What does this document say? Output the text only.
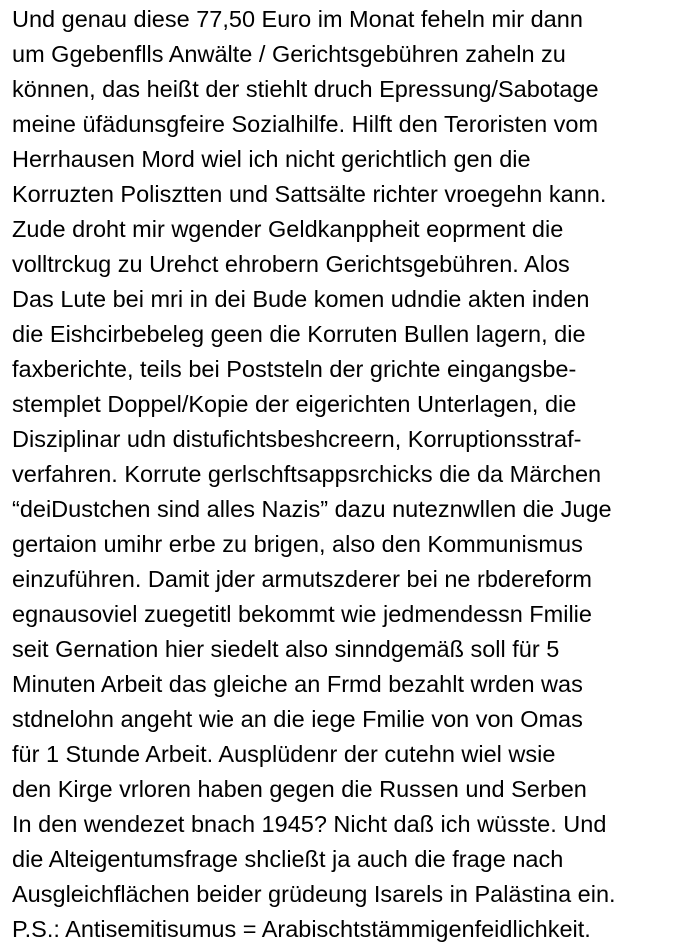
Und genau diese 77,50 Euro im Monat feheln mir dann
um Ggebenflls Anwälte / Gerichtsgebühren zaheln zu
können, das heißt der stiehlt druch Epressung/Sabotage
meine üfädunsgfeire Sozialhilfe. Hilft den Teroristen vom
Herrhausen Mord wiel ich nicht gerichtlich gen die
Korruzten Polisztten und Sattsälte richter vroegehn kann.
Zude droht mir wgender Geldkanppheit eoprment die
volltrckug zu Urehct ehrobern Gerichtsgebühren. Alos
Das Lute bei mri in dei Bude komen udndie akten inden
die Eishcirbebeleg geen die Korruten Bullen lagern, die
faxberichte, teils bei Poststeln der grichte eingangsbe-
stemplet Doppel/Kopie der eigerichten Unterlagen, die
Disziplinar udn distufichtsbeshcreern, Korruptionsstraf-
verfahren. Korrute gerlschftsappsrchicks die da Märchen
“deiDustchen sind alles Nazis” dazu nuteznwllen die Juge
gertaion umihr erbe zu brigen, also den Kommunismus
einzuführen. Damit jder armutszderer bei ne rbdereform
egnausoviel zuegetitl bekommt wie jedmendessn Fmilie
seit Gernation hier siedelt also sinndgemäß soll für 5
Minuten Arbeit das gleiche an Frmd bezahlt wrden was
stdnelohn angeht wie an die iege Fmilie von von Omas
für 1 Stunde Arbeit. Ausplüdenr der cutehn wiel wsie
den Kirge vrloren haben gegen die Russen und Serben
In den wendezet bnach 1945? Nicht daß ich wüsste. Und
die Alteigentumsfrage shcließt ja auch die frage nach
Ausgleichflächen beider grüdeung Isarels in Palästina ein.
P.S.: Antisemitisumus = Arabischtstämmigenfeidlichkeit.
